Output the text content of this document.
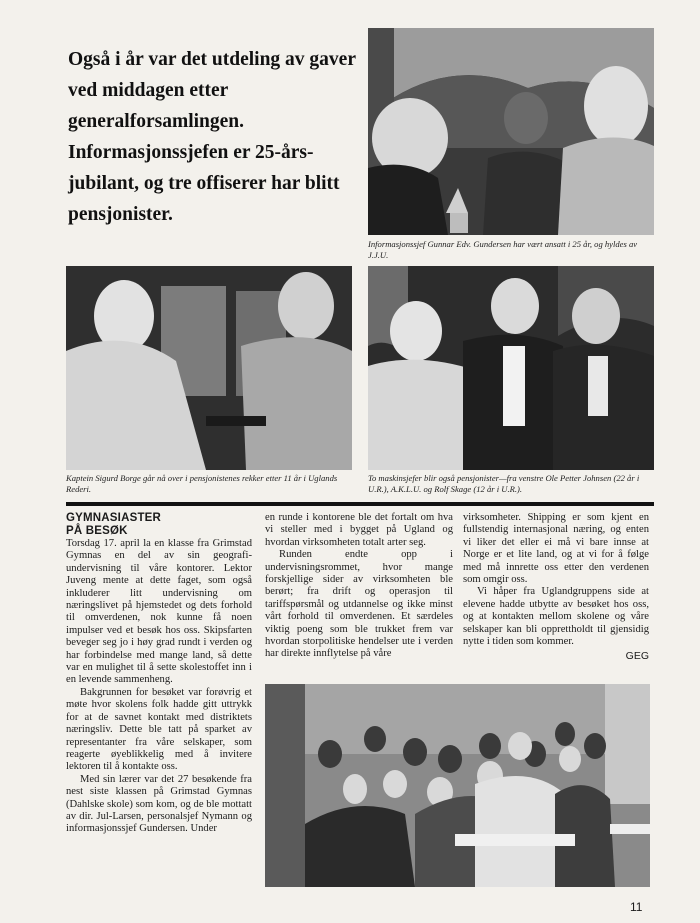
Også i år var det utdeling av gaver ved middagen etter generalforsamlingen. Informasjonssjefen er 25-års-jubilant, og tre offiserer har blitt pensjonister.
Informasjonssjef Gunnar Edv. Gundersen har vært ansatt i 25 år, og hyldes av J.J.U.
Kaptein Sigurd Borge går nå over i pensjonistenes rekker etter 11 år i Uglands Rederi.
To maskinsjefer blir også pensjonister—fra venstre Ole Petter Johnsen (22 år i U.R.), A.K.L.U. og Rolf Skage (12 år i U.R.).
GYMNASIASTER
PÅ BESØK

Torsdag 17. april la en klasse fra Grimstad Gymnas en del av sin geografi-undervisning til våre kontorer. Lektor Juveng mente at dette faget, som også inkluderer litt undervisning om næringslivet på hjemstedet og dets forhold til omverdenen, nok kunne få noen impulser ved et besøk hos oss. Skipsfarten beveger seg jo i høy grad rundt i verden og har forbindelse med mange land, så dette var en mulighet til å sette skolestoffet inn i en levende sammenheng.

Bakgrunnen for besøket var forøvrig et møte hvor skolens folk hadde gitt uttrykk for at de savnet kontakt med distriktets næringsliv. Dette ble tatt på sparket av representanter fra våre selskaper, som reagerte øyeblikkelig med å invitere lektoren til å kontakte oss.

Med sin lærer var det 27 besøkende fra nest siste klassen på Grimstad Gymnas (Dahlske skole) som kom, og de ble mottatt av dir. Jul-Larsen, personalsjef Nymann og informasjonssjef Gundersen. Under

en runde i kontorene ble det fortalt om hva vi steller med i bygget på Ugland og hvordan virksomheten totalt arter seg.

Runden endte opp i undervisningsrommet, hvor mange forskjellige sider av virksomheten ble berørt; fra drift og operasjon til tariffspørsmål og utdannelse og ikke minst vårt forhold til omverdenen. Et særdeles viktig poeng som ble trukket frem var hvordan storpolitiske hendelser ute i verden har direkte innflytelse på våre

virksomheter. Shipping er som kjent en fullstendig internasjonal næring, og enten vi liker det eller ei må vi bare innse at Norge er et lite land, og at vi for å følge med må innrette oss etter den verdenen som omgir oss.

Vi håper fra Uglandgruppens side at elevene hadde utbytte av besøket hos oss, og at kontakten mellom skolene og våre selskaper kan bli opprettholdt til gjensidig nytte i tiden som kommer.

GEG
11
